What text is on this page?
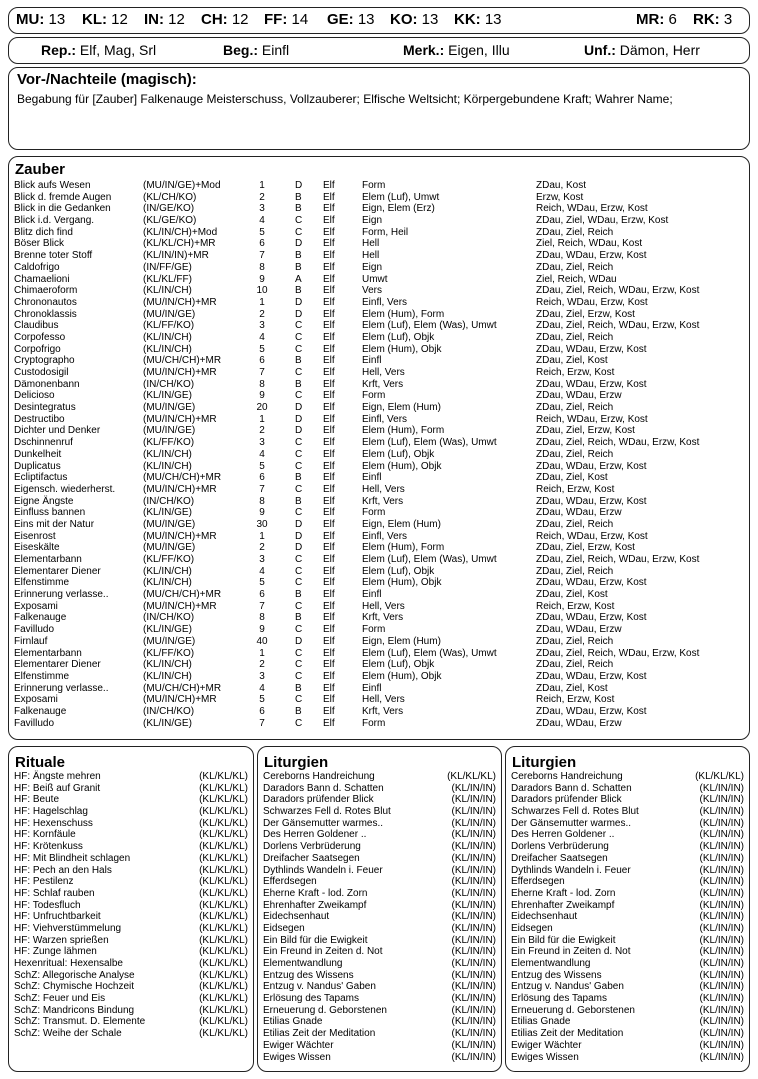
MU: 13 KL: 12 IN: 12 CH: 12 FF: 14 GE: 13 KO: 13 KK: 13	MR: 6 RK: 3
Rep.: Elf, Mag, Srl	Beg.: Einfl	Merk.: Eigen, Illu	Unf.: Dämon, Herr
Vor-/Nachteile (magisch):
Begabung für [Zauber] Falkenauge Meisterschuss, Vollzauberer; Elfische Weltsicht; Körpergebundene Kraft; Wahrer Name;
Zauber
Blick aufs Wesen	(MU/IN/GE)+Mod	1	D Elf	Form	ZDau, Kost
Blick d. fremde Augen	(KL/CH/KO)	2	B Elf	Elem (Luf), Umwt	Erzw, Kost
Blick in die Gedanken	(IN/GE/KO)	3	B Elf	Eign, Elem (Erz)	Reich, WDau, Erzw, Kost
Blick i.d. Vergang.	(KL/GE/KO)	4	C Elf	Eign	ZDau, Ziel, WDau, Erzw, Kost
Blitz dich find	(KL/IN/CH)+Mod	5	C Elf	Form, Heil	ZDau, Ziel, Reich
Böser Blick	(KL/KL/CH)+MR	6	D Elf	Hell	Ziel, Reich, WDau, Kost
Brenne toter Stoff	(KL/IN/IN)+MR	7	B Elf	Hell	ZDau, WDau, Erzw, Kost
Caldofrigo	(IN/FF/GE)	8	B Elf	Eign	ZDau, Ziel, Reich
Chamaelioni	(KL/KL/FF)	9	A Elf	Umwt	Ziel, Reich, WDau
Chimaeroform	(KL/IN/CH)	10	B Elf	Vers	ZDau, Ziel, Reich, WDau, Erzw, Kost
Chrononautos	(MU/IN/CH)+MR	1	D Elf	Einfl, Vers	Reich, WDau, Erzw, Kost
Chronoklassis	(MU/IN/GE)	2	D Elf	Elem (Hum), Form	ZDau, Ziel, Erzw, Kost
Claudibus	(KL/FF/KO)	3	C Elf	Elem (Luf), Elem (Was), Umwt	ZDau, Ziel, Reich, WDau, Erzw, Kost
Corpofesso	(KL/IN/CH)	4	C Elf	Elem (Luf), Objk	ZDau, Ziel, Reich
Corpofrigo	(KL/IN/CH)	5	C Elf	Elem (Hum), Objk	ZDau, WDau, Erzw, Kost
Cryptographo	(MU/CH/CH)+MR	6	B Elf	Einfl	ZDau, Ziel, Kost
Custodosigil	(MU/IN/CH)+MR	7	C Elf	Hell, Vers	Reich, Erzw, Kost
Dämonenbann	(IN/CH/KO)	8	B Elf	Krft, Vers	ZDau, WDau, Erzw, Kost
Delicioso	(KL/IN/GE)	9	C Elf	Form	ZDau, WDau, Erzw
Desintegratus	(MU/IN/GE)	20	D Elf	Eign, Elem (Hum)	ZDau, Ziel, Reich
Destructibo	(MU/IN/CH)+MR	1	D Elf	Einfl, Vers	Reich, WDau, Erzw, Kost
Dichter und Denker	(MU/IN/GE)	2	D Elf	Elem (Hum), Form	ZDau, Ziel, Erzw, Kost
Dschinnenruf	(KL/FF/KO)	3	C Elf	Elem (Luf), Elem (Was), Umwt	ZDau, Ziel, Reich, WDau, Erzw, Kost
Dunkelheit	(KL/IN/CH)	4	C Elf	Elem (Luf), Objk	ZDau, Ziel, Reich
Duplicatus	(KL/IN/CH)	5	C Elf	Elem (Hum), Objk	ZDau, WDau, Erzw, Kost
Ecliptifactus	(MU/CH/CH)+MR	6	B Elf	Einfl	ZDau, Ziel, Kost
Eigensch. wiederherst.	(MU/IN/CH)+MR	7	C Elf	Hell, Vers	Reich, Erzw, Kost
Eigne Ängste	(IN/CH/KO)	8	B Elf	Krft, Vers	ZDau, WDau, Erzw, Kost
Einfluss bannen	(KL/IN/GE)	9	C Elf	Form	ZDau, WDau, Erzw
Eins mit der Natur	(MU/IN/GE)	30	D Elf	Eign, Elem (Hum)	ZDau, Ziel, Reich
Eisenrost	(MU/IN/CH)+MR	1	D Elf	Einfl, Vers	Reich, WDau, Erzw, Kost
Eiseskälte	(MU/IN/GE)	2	D Elf	Elem (Hum), Form	ZDau, Ziel, Erzw, Kost
Elementarbann	(KL/FF/KO)	3	C Elf	Elem (Luf), Elem (Was), Umwt	ZDau, Ziel, Reich, WDau, Erzw, Kost
Elementarer Diener	(KL/IN/CH)	4	C Elf	Elem (Luf), Objk	ZDau, Ziel, Reich
Elfenstimme	(KL/IN/CH)	5	C Elf	Elem (Hum), Objk	ZDau, WDau, Erzw, Kost
Erinnerung verlasse..	(MU/CH/CH)+MR	6	B Elf	Einfl	ZDau, Ziel, Kost
Exposami	(MU/IN/CH)+MR	7	C Elf	Hell, Vers	Reich, Erzw, Kost
Falkenauge	(IN/CH/KO)	8	B Elf	Krft, Vers	ZDau, WDau, Erzw, Kost
Favilludo	(KL/IN/GE)	9	C Elf	Form	ZDau, WDau, Erzw
Firnlauf	(MU/IN/GE)	40	D Elf	Eign, Elem (Hum)	ZDau, Ziel, Reich
Elementarbann	(KL/FF/KO)	1	C Elf	Elem (Luf), Elem (Was), Umwt	ZDau, Ziel, Reich, WDau, Erzw, Kost
Elementarer Diener	(KL/IN/CH)	2	C Elf	Elem (Luf), Objk	ZDau, Ziel, Reich
Elfenstimme	(KL/IN/CH)	3	C Elf	Elem (Hum), Objk	ZDau, WDau, Erzw, Kost
Erinnerung verlasse..	(MU/CH/CH)+MR	4	B Elf	Einfl	ZDau, Ziel, Kost
Exposami	(MU/IN/CH)+MR	5	C Elf	Hell, Vers	Reich, Erzw, Kost
Falkenauge	(IN/CH/KO)	6	B Elf	Krft, Vers	ZDau, WDau, Erzw, Kost
Favilludo	(KL/IN/GE)	7	C Elf	Form	ZDau, WDau, Erzw
Rituale
HF: Ängste mehren	(KL/KL/KL)
HF: Beiß auf Granit	(KL/KL/KL)
HF: Beute	(KL/KL/KL)
HF: Hagelschlag	(KL/KL/KL)
HF: Hexenschuss	(KL/KL/KL)
HF: Kornfäule	(KL/KL/KL)
HF: Krötenkuss	(KL/KL/KL)
HF: Mit Blindheit schlagen	(KL/KL/KL)
HF: Pech an den Hals	(KL/KL/KL)
HF: Pestilenz	(KL/KL/KL)
HF: Schlaf rauben	(KL/KL/KL)
HF: Todesfluch	(KL/KL/KL)
HF: Unfruchtbarkeit	(KL/KL/KL)
HF: Viehverstümmelung	(KL/KL/KL)
HF: Warzen sprießen	(KL/KL/KL)
HF: Zunge lähmen	(KL/KL/KL)
Hexenritual: Hexensalbe	(KL/KL/KL)
SchZ: Allegorische Analyse	(KL/KL/KL)
SchZ: Chymische Hochzeit	(KL/KL/KL)
SchZ: Feuer und Eis	(KL/KL/KL)
SchZ: Mandricons Bindung	(KL/KL/KL)
SchZ: Transmut. D. Elemente	(KL/KL/KL)
SchZ: Weihe der Schale	(KL/KL/KL)
Liturgien
Cereborns Handreichung	(KL/KL/KL)
Daradors Bann d. Schatten	(KL/IN/IN)
Daradors prüfender Blick	(KL/IN/IN)
Schwarzes Fell d. Rotes Blut	(KL/IN/IN)
Der Gänsemutter warmes..	(KL/IN/IN)
Des Herren Goldener ..	(KL/IN/IN)
Dorlens Verbrüderung	(KL/IN/IN)
Dreifacher Saatsegen	(KL/IN/IN)
Dythlinds Wandeln i. Feuer	(KL/IN/IN)
Efferdsegen	(KL/IN/IN)
Eherne Kraft - lod. Zorn	(KL/IN/IN)
Ehrenhafter Zweikampf	(KL/IN/IN)
Eidechsenhaut	(KL/IN/IN)
Eidsegen	(KL/IN/IN)
Ein Bild für die Ewigkeit	(KL/IN/IN)
Ein Freund in Zeiten d. Not	(KL/IN/IN)
Elementwandlung	(KL/IN/IN)
Entzug des Wissens	(KL/IN/IN)
Entzug v. Nandus' Gaben	(KL/IN/IN)
Erlösung des Tapams	(KL/IN/IN)
Erneuerung d. Geborstenen	(KL/IN/IN)
Etilias Gnade	(KL/IN/IN)
Etilias Zeit der Meditation	(KL/IN/IN)
Ewiger Wächter	(KL/IN/IN)
Ewiges Wissen	(KL/IN/IN)
Liturgien
Cereborns Handreichung	(KL/KL/KL)
Daradors Bann d. Schatten	(KL/IN/IN)
Daradors prüfender Blick	(KL/IN/IN)
Schwarzes Fell d. Rotes Blut	(KL/IN/IN)
Der Gänsemutter warmes..	(KL/IN/IN)
Des Herren Goldener ..	(KL/IN/IN)
Dorlens Verbrüderung	(KL/IN/IN)
Dreifacher Saatsegen	(KL/IN/IN)
Dythlinds Wandeln i. Feuer	(KL/IN/IN)
Efferdsegen	(KL/IN/IN)
Eherne Kraft - lod. Zorn	(KL/IN/IN)
Ehrenhafter Zweikampf	(KL/IN/IN)
Eidechsenhaut	(KL/IN/IN)
Eidsegen	(KL/IN/IN)
Ein Bild für die Ewigkeit	(KL/IN/IN)
Ein Freund in Zeiten d. Not	(KL/IN/IN)
Elementwandlung	(KL/IN/IN)
Entzug des Wissens	(KL/IN/IN)
Entzug v. Nandus' Gaben	(KL/IN/IN)
Erlösung des Tapams	(KL/IN/IN)
Erneuerung d. Geborstenen	(KL/IN/IN)
Etilias Gnade	(KL/IN/IN)
Etilias Zeit der Meditation	(KL/IN/IN)
Ewiger Wächter	(KL/IN/IN)
Ewiges Wissen	(KL/IN/IN)
